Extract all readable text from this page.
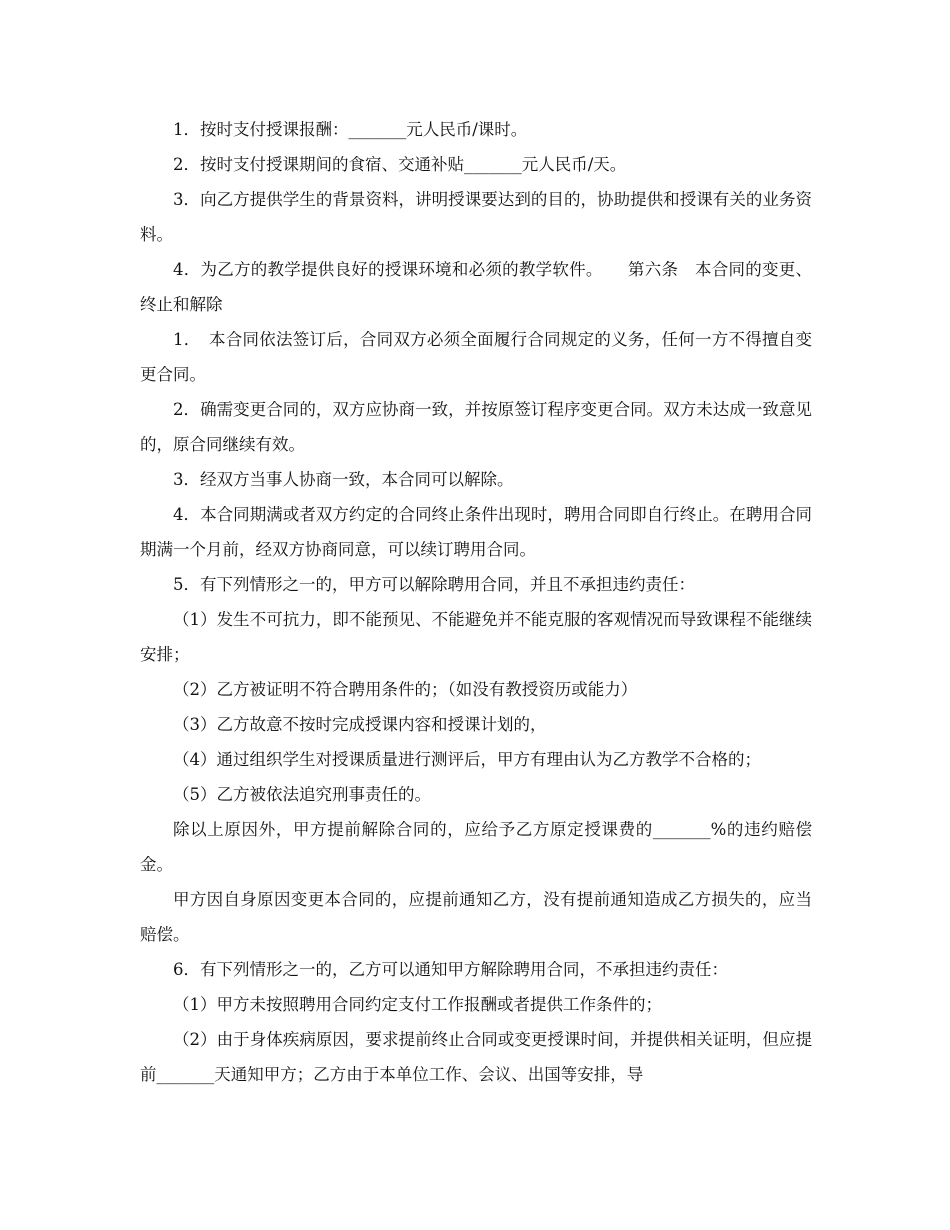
1．按时支付授课报酬：_______元人民币/课时。

2．按时支付授课期间的食宿、交通补贴_______元人民币/天。

3．向乙方提供学生的背景资料，讲明授课要达到的目的，协助提供和授课有关的业务资料。

4．为乙方的教学提供良好的授课环境和必须的教学软件。　　第六条　本合同的变更、终止和解除

1．　本合同依法签订后，合同双方必须全面履行合同规定的义务，任何一方不得擅自变更合同。

2．确需变更合同的，双方应协商一致，并按原签订程序变更合同。双方未达成一致意见的，原合同继续有效。

3．经双方当事人协商一致，本合同可以解除。

4．本合同期满或者双方约定的合同终止条件出现时，聘用合同即自行终止。在聘用合同期满一个月前，经双方协商同意，可以续订聘用合同。

5．有下列情形之一的，甲方可以解除聘用合同，并且不承担违约责任：

（1）发生不可抗力，即不能预见、不能避免并不能克服的客观情况而导致课程不能继续安排；

（2）乙方被证明不符合聘用条件的；（如没有教授资历或能力）

（3）乙方故意不按时完成授课内容和授课计划的，

（4）通过组织学生对授课质量进行测评后，甲方有理由认为乙方教学不合格的；

（5）乙方被依法追究刑事责任的。

除以上原因外，甲方提前解除合同的，应给予乙方原定授课费的_______%的违约赔偿金。

甲方因自身原因变更本合同的，应提前通知乙方，没有提前通知造成乙方损失的，应当赔偿。

6．有下列情形之一的，乙方可以通知甲方解除聘用合同，不承担违约责任：

（1）甲方未按照聘用合同约定支付工作报酬或者提供工作条件的；

（2）由于身体疾病原因，要求提前终止合同或变更授课时间，并提供相关证明，但应提前_______天通知甲方；乙方由于本单位工作、会议、出国等安排，导
